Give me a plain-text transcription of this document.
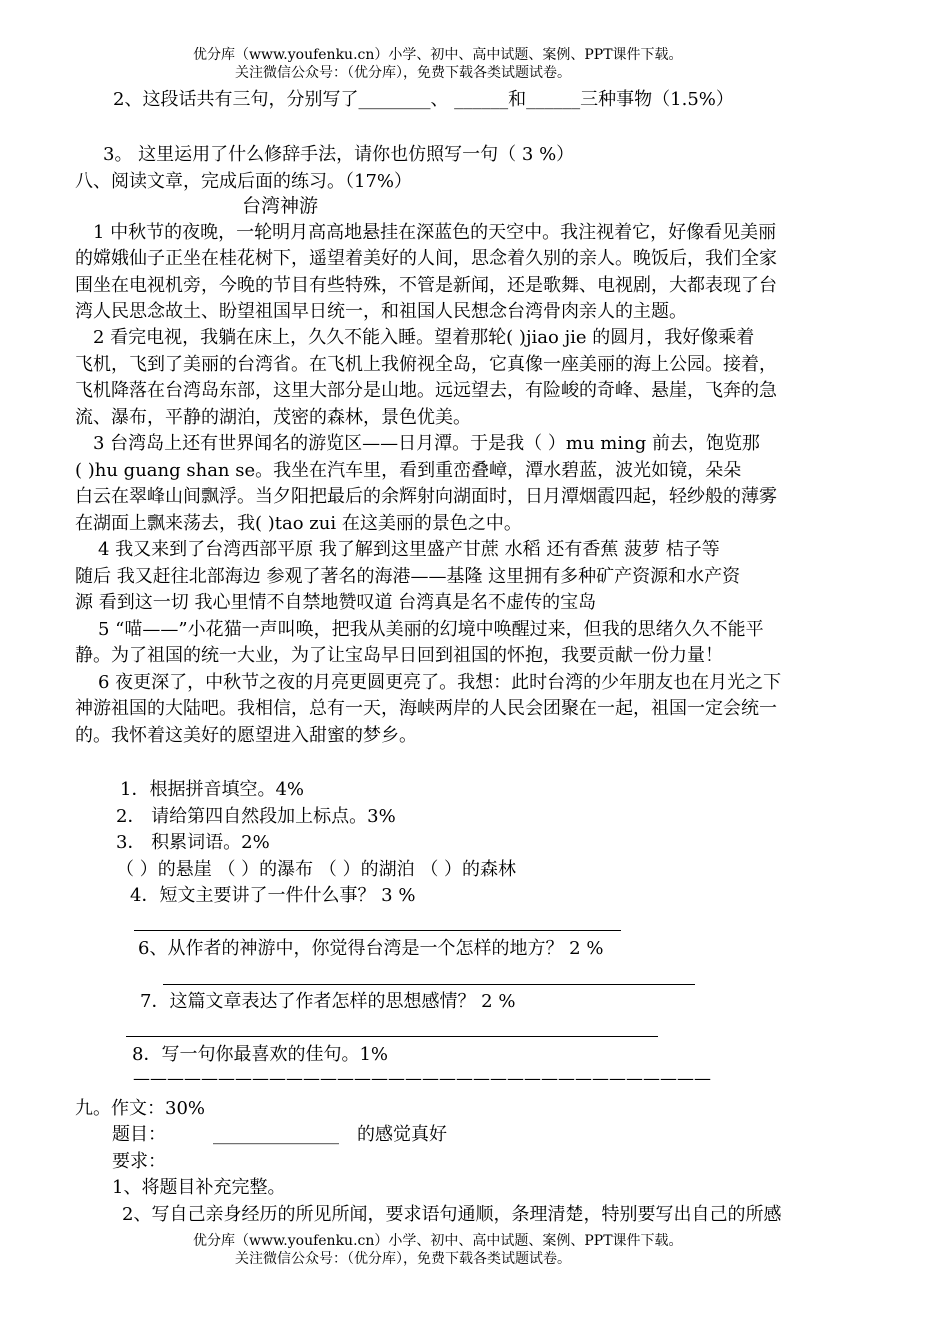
优分库（www.youfenku.cn）小学、初中、高中试题、案例、PPT课件下载。
关注微信公众号：（优分库），免费下载各类试题试卷。
2、这段话共有三句，分别写了________、 ______和______三种事物（1.5%）
3。 这里运用了什么修辞手法，请你也仿照写一句（ 3 %）
八、阅读文章，完成后面的练习。（17%）
台湾神游
1 中秋节的夜晚，一轮明月高高地悬挂在深蓝色的天空中。我注视着它，好像看见美丽
的嫦娥仙子正坐在桂花树下，遥望着美好的人间，思念着久别的亲人。晚饭后，我们全家
围坐在电视机旁，今晚的节目有些特殊，不管是新闻，还是歌舞、电视剧，大都表现了台
湾人民思念故土、盼望祖国早日统一，和祖国人民想念台湾骨肉亲人的主题。
2 看完电视，我躺在床上，久久不能入睡。望着那轮( )jiao jie 的圆月，我好像乘着
飞机，飞到了美丽的台湾省。在飞机上我俯视全岛，它真像一座美丽的海上公园。接着，
飞机降落在台湾岛东部，这里大部分是山地。远远望去，有险峻的奇峰、悬崖，飞奔的急
流、瀑布，平静的湖泊，茂密的森林，景色优美。
3 台湾岛上还有世界闻名的游览区——日月潭。于是我（ ）mu ming 前去，饱览那
( )hu guang shan se。我坐在汽车里，看到重峦叠嶂，潭水碧蓝，波光如镜，朵朵
白云在翠峰山间飘浮。当夕阳把最后的余辉射向湖面时，日月潭烟霞四起，轻纱般的薄雾
在湖面上飘来荡去，我( )tao zui 在这美丽的景色之中。
4 我又来到了台湾西部平原 我了解到这里盛产甘蔗 水稻 还有香蕉 菠萝 桔子等
随后 我又赶往北部海边 参观了著名的海港——基隆 这里拥有多种矿产资源和水产资
源 看到这一切 我心里情不自禁地赞叹道 台湾真是名不虚传的宝岛
5 “喵——”小花猫一声叫唤，把我从美丽的幻境中唤醒过来，但我的思绪久久不能平
静。为了祖国的统一大业，为了让宝岛早日回到祖国的怀抱，我要贡献一份力量！
6 夜更深了，中秋节之夜的月亮更圆更亮了。我想：此时台湾的少年朋友也在月光之下
神游祖国的大陆吧。我相信，总有一天，海峡两岸的人民会团聚在一起，祖国一定会统一
的。我怀着这美好的愿望进入甜蜜的梦乡。
1．根据拼音填空。4%
2． 请给第四自然段加上标点。3%
3． 积累词语。2%
（ ）的悬崖 （ ）的瀑布 （ ）的湖泊 （ ）的森林
4．短文主要讲了一件什么事？ 3 %
6、从作者的神游中，你觉得台湾是一个怎样的地方？ 2 %
7．这篇文章表达了作者怎样的思想感情？ 2 %
8．写一句你最喜欢的佳句。1%
——————————————————————————————————
九。作文：30%
题目：	______________ 的感觉真好
要求：
1、将题目补充完整。
2、写自己亲身经历的所见所闻，要求语句通顺，条理清楚，特别要写出自己的所感
优分库（www.youfenku.cn）小学、初中、高中试题、案例、PPT课件下载。
关注微信公众号：（优分库），免费下载各类试题试卷。
